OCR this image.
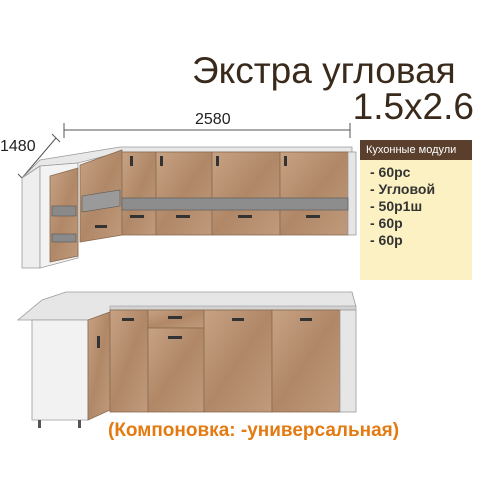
Экстра угловая
1.5x2.6
2580
1480	Кухонные модули
- 60рс
- Угловой
- 50р1ш
- 60р
- 60р
(Компоновка: -универсальная)
